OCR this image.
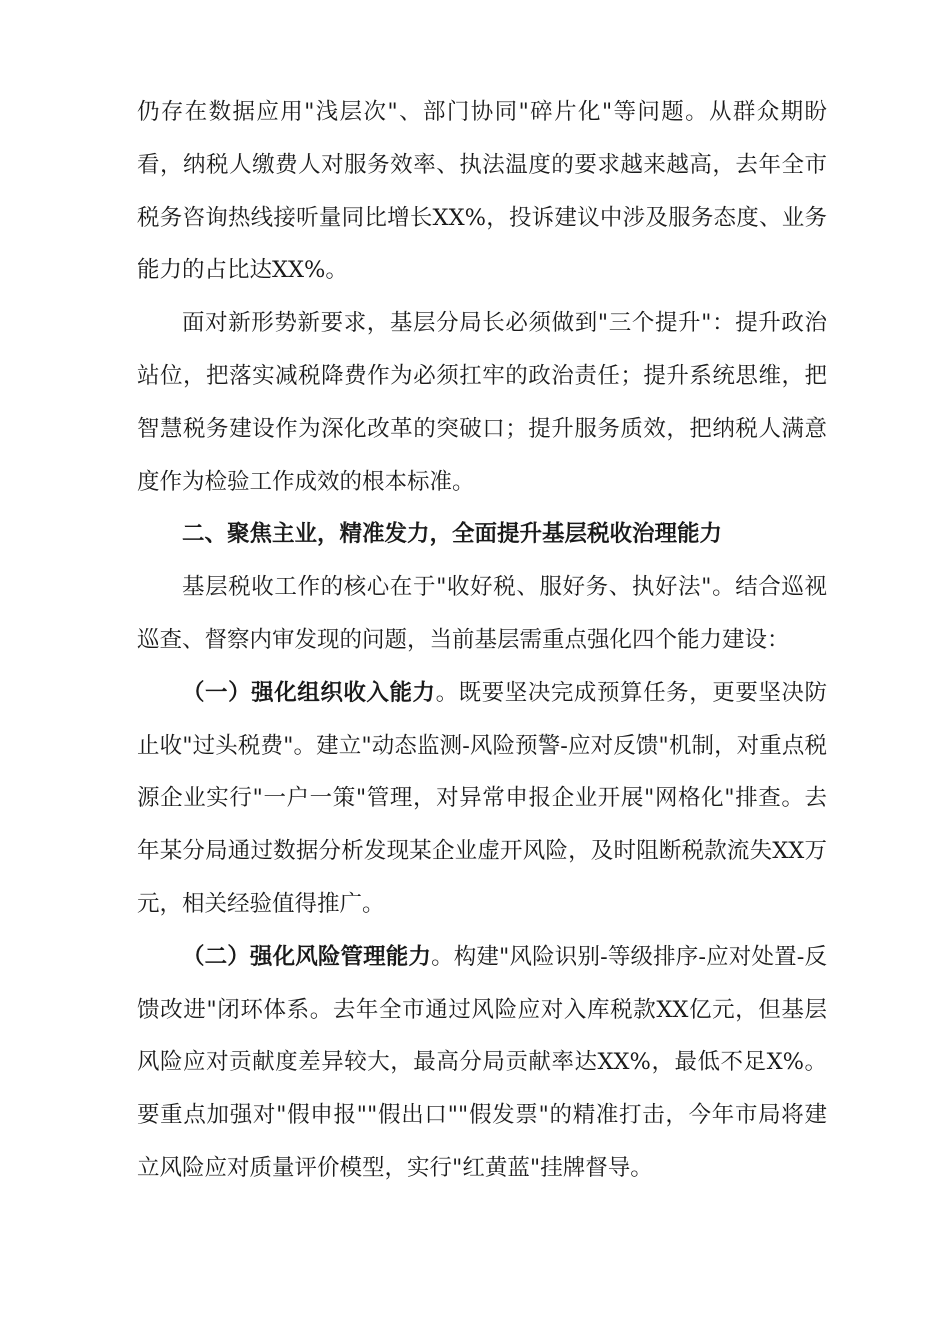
仍存在数据应用"浅层次"、部门协同"碎片化"等问题。从群众期盼看，纳税人缴费人对服务效率、执法温度的要求越来越高，去年全市税务咨询热线接听量同比增长XX%，投诉建议中涉及服务态度、业务能力的占比达XX%。

面对新形势新要求，基层分局长必须做到"三个提升"：提升政治站位，把落实减税降费作为必须扛牢的政治责任；提升系统思维，把智慧税务建设作为深化改革的突破口；提升服务质效，把纳税人满意度作为检验工作成效的根本标准。

二、聚焦主业，精准发力，全面提升基层税收治理能力

基层税收工作的核心在于"收好税、服好务、执好法"。结合巡视巡查、督察内审发现的问题，当前基层需重点强化四个能力建设：

（一）强化组织收入能力。既要坚决完成预算任务，更要坚决防止收"过头税费"。建立"动态监测-风险预警-应对反馈"机制，对重点税源企业实行"一户一策"管理，对异常申报企业开展"网格化"排查。去年某分局通过数据分析发现某企业虚开风险，及时阻断税款流失XX万元，相关经验值得推广。

（二）强化风险管理能力。构建"风险识别-等级排序-应对处置-反馈改进"闭环体系。去年全市通过风险应对入库税款XX亿元，但基层风险应对贡献度差异较大，最高分局贡献率达XX%，最低不足X%。要重点加强对"假申报""假出口""假发票"的精准打击，今年市局将建立风险应对质量评价模型，实行"红黄蓝"挂牌督导。
